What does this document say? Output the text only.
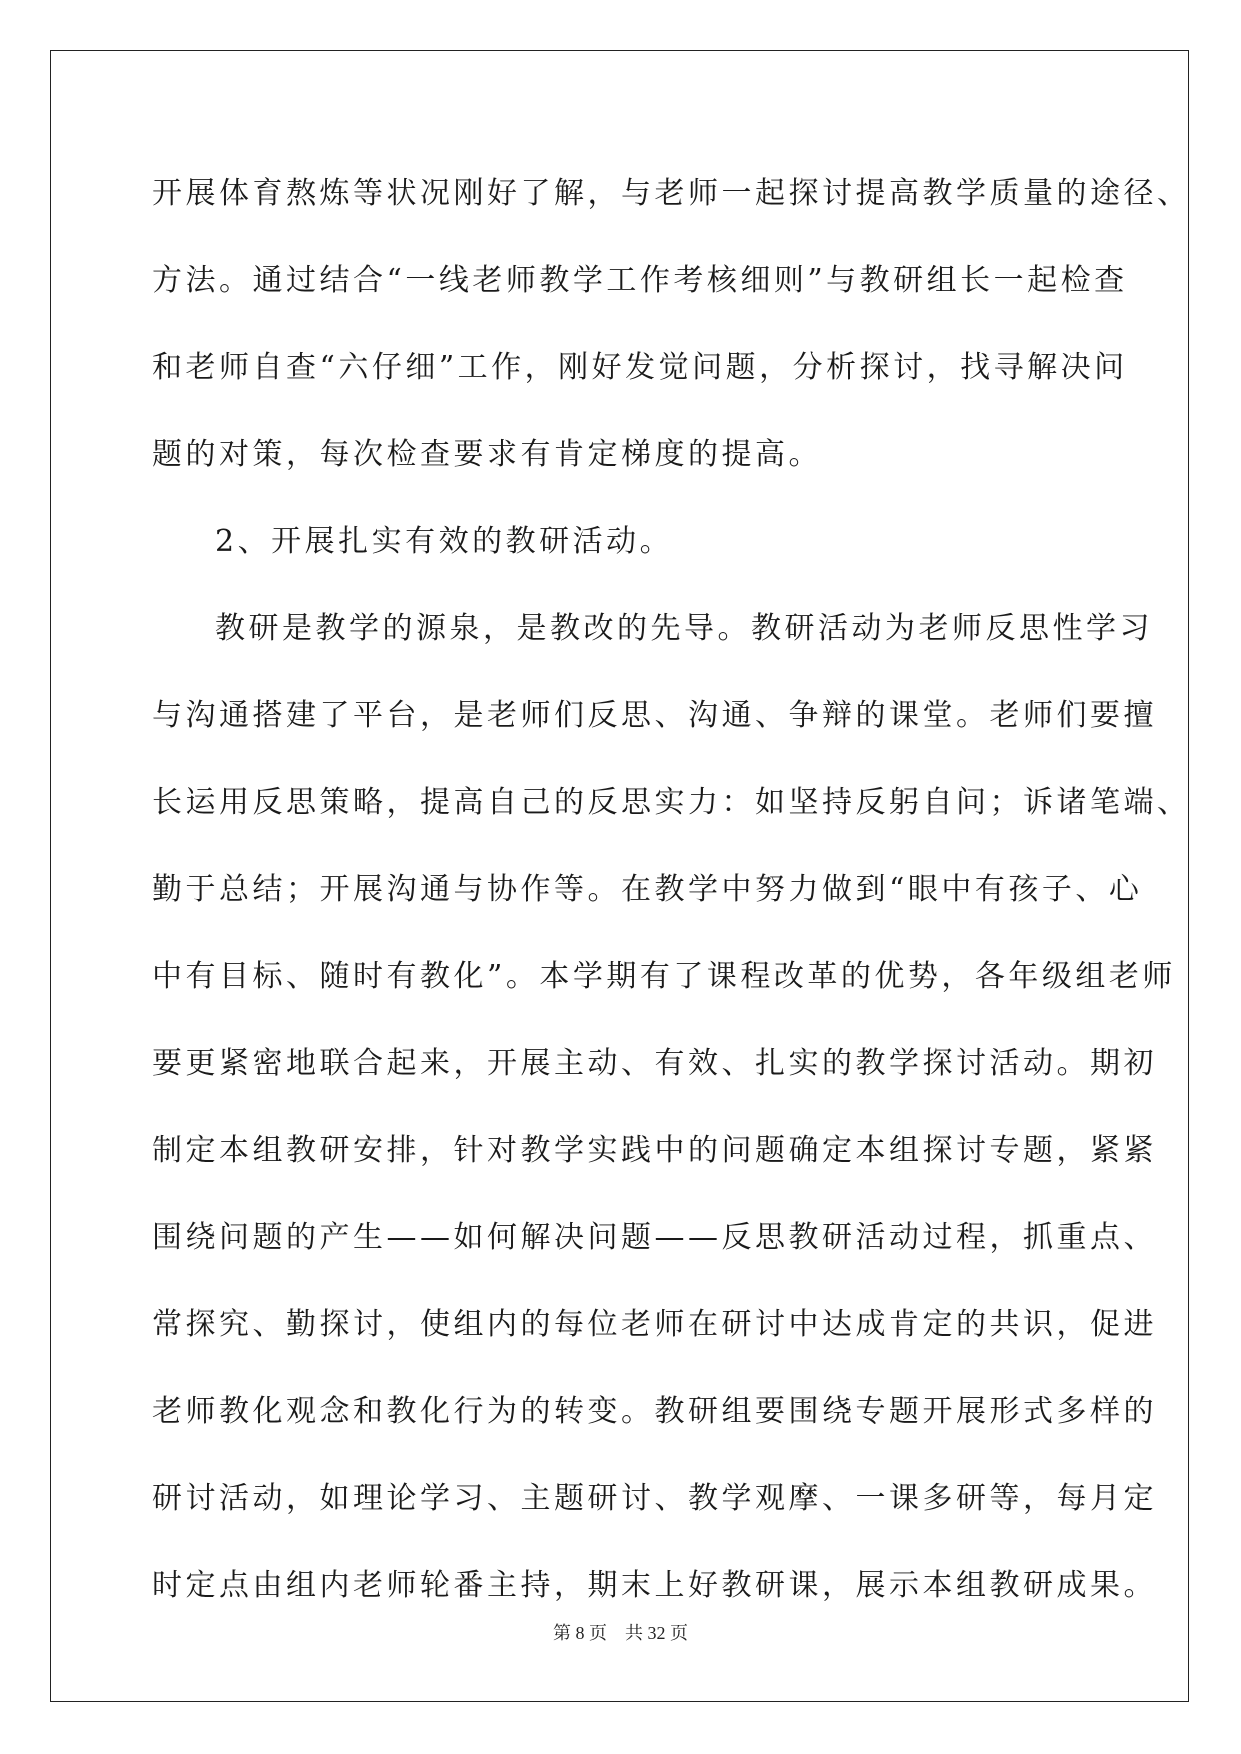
开展体育熬炼等状况刚好了解，与老师一起探讨提高教学质量的途径、
方法。通过结合“一线老师教学工作考核细则”与教研组长一起检查
和老师自查“六仔细”工作，刚好发觉问题，分析探讨，找寻解决问
题的对策，每次检查要求有肯定梯度的提高。
2、开展扎实有效的教研活动。
教研是教学的源泉，是教改的先导。教研活动为老师反思性学习
与沟通搭建了平台，是老师们反思、沟通、争辩的课堂。老师们要擅
长运用反思策略，提高自己的反思实力：如坚持反躬自问；诉诸笔端、
勤于总结；开展沟通与协作等。在教学中努力做到“眼中有孩子、心
中有目标、随时有教化”。本学期有了课程改革的优势，各年级组老师
要更紧密地联合起来，开展主动、有效、扎实的教学探讨活动。期初
制定本组教研安排，针对教学实践中的问题确定本组探讨专题，紧紧
围绕问题的产生——如何解决问题——反思教研活动过程，抓重点、
常探究、勤探讨，使组内的每位老师在研讨中达成肯定的共识，促进
老师教化观念和教化行为的转变。教研组要围绕专题开展形式多样的
研讨活动，如理论学习、主题研讨、教学观摩、一课多研等，每月定
时定点由组内老师轮番主持，期末上好教研课，展示本组教研成果。
第 8 页 共 32 页
